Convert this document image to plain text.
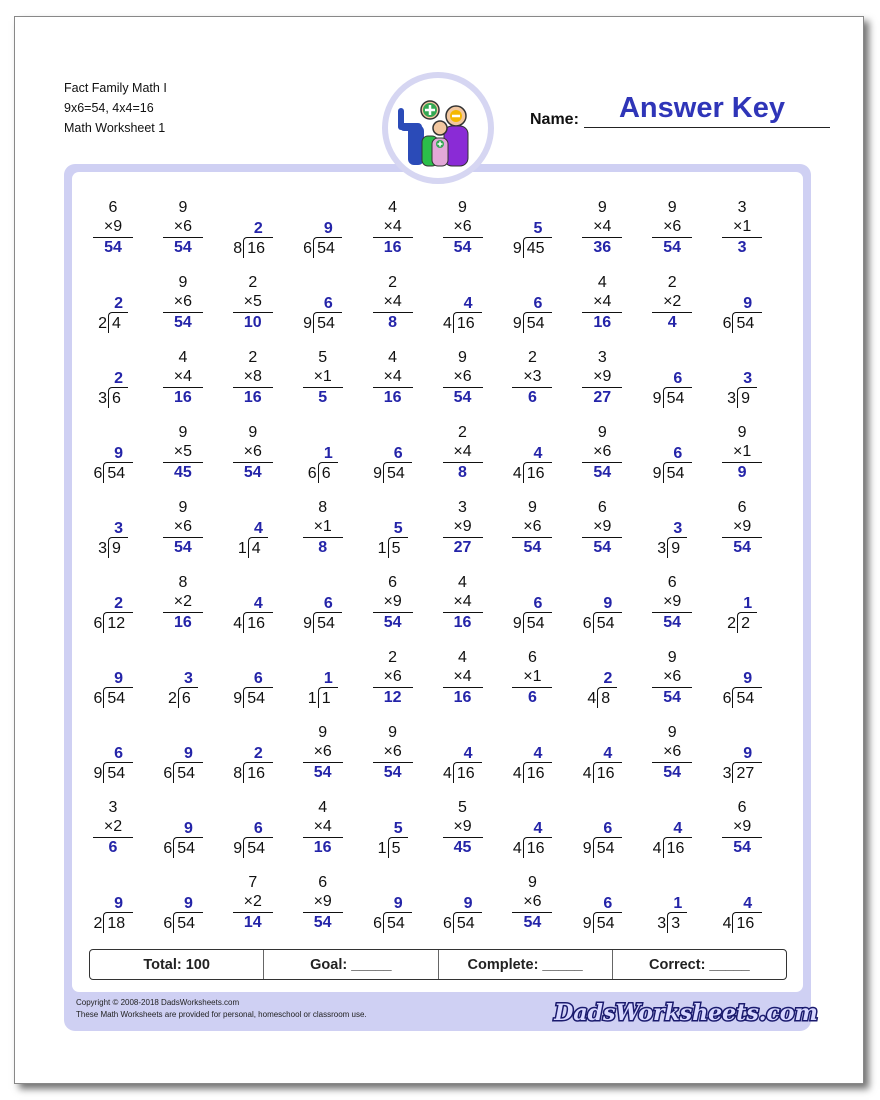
Fact Family Math I
9x6=54, 4x4=16
Math Worksheet 1	Name:	Answer Key
6
×9
54
9
×6
54
2
8 16
9
6 54
4
×4
16
9
×6
54
5
9 45
9
×4
36
9
×6
54
3
×1
3
2
2 4
9
×6
54
2
×5
10
6
9 54
2
×4
8
4
4 16
6
9 54
4
×4
16
2
×2
4
9
6 54
2
3 6
4
×4
16
2
×8
16
5
×1
5
4
×4
16
9
×6
54
2
×3
6
3
×9
27
6
9 54
3
3 9
9
6 54
9
×5
45
9
×6
54
1
6 6
6
9 54
2
×4
8
4
4 16
9
×6
54
6
9 54
9
×1
9
3
3 9
9
×6
54
4
1 4
8
×1
8
5
1 5
3
×9
27
9
×6
54
6
×9
54
3
3 9
6
×9
54
2
6 12
8
×2
16
4
4 16
6
9 54
6
×9
54
4
×4
16
6
9 54
9
6 54
6
×9
54
1
2 2
9
6 54
3
2 6
6
9 54
1
1 1
2
×6
12
4
×4
16
6
×1
6
2
4 8
9
×6
54
9
6 54
6
9 54
9
6 54
2
8 16
9
×6
54
9
×6
54
4
4 16
4
4 16
4
4 16
9
×6
54
9
3 27
3
×2
6
9
6 54
6
9 54
4
×4
16
5
1 5
5
×9
45
4
4 16
6
9 54
4
4 16
6
×9
54
9
2 18
9
6 54
7
×2
14
6
×9
54
9
6 54
9
6 54
9
×6
54
6
9 54
1
3 3
4
4 16
Total: 100	Goal: _____	Complete: _____	Correct: _____
Copyright © 2008-2018 DadsWorksheets.com
These Math Worksheets are provided for personal, homeschool or classroom use.	DadsWorksheets.com
